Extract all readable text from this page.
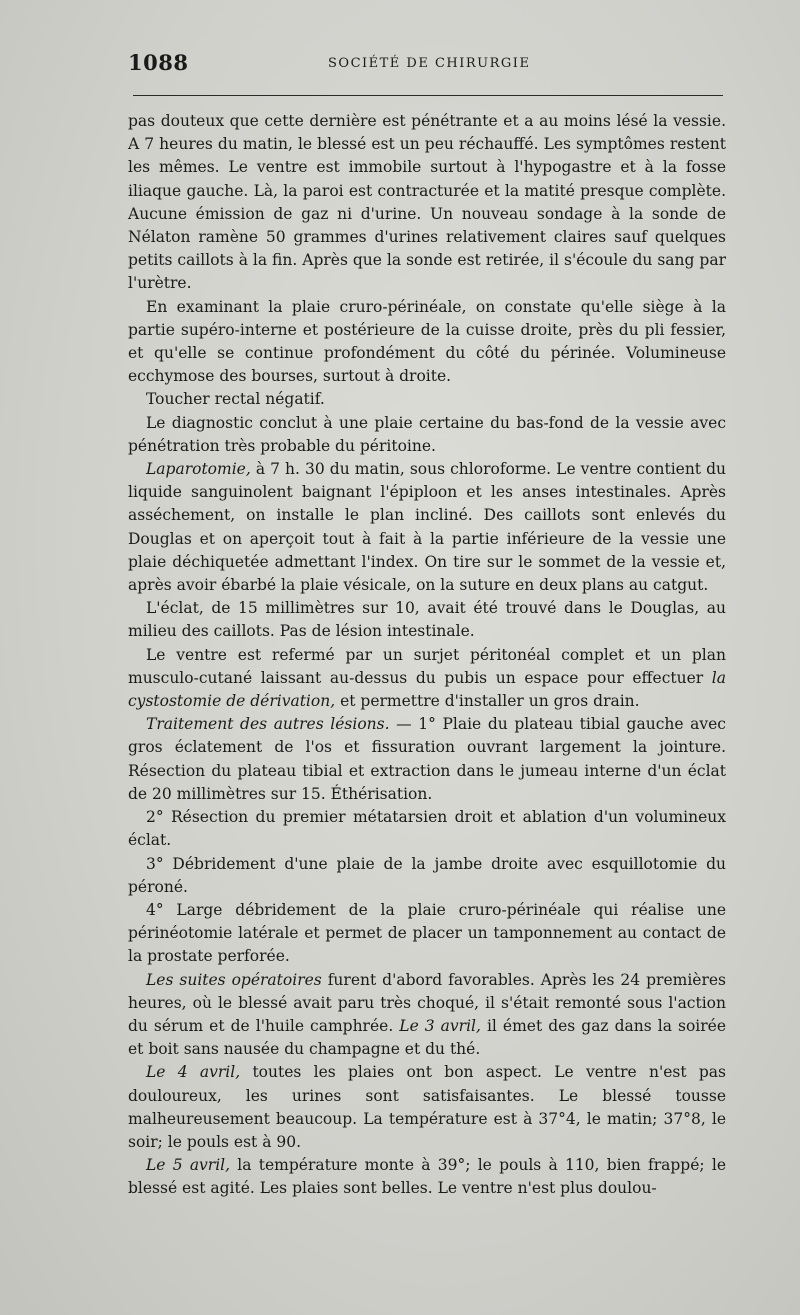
1088	SOCIÉTÉ DE CHIRURGIE

pas douteux que cette dernière est pénétrante et a au moins lésé la vessie. A 7 heures du matin, le blessé est un peu réchauffé. Les symptômes restent les mêmes. Le ventre est immobile surtout à l'hypogastre et à la fosse iliaque gauche. Là, la paroi est contracturée et la matité presque complète. Aucune émission de gaz ni d'urine. Un nouveau sondage à la sonde de Nélaton ramène 50 grammes d'urines relativement claires sauf quelques petits caillots à la fin. Après que la sonde est retirée, il s'écoule du sang par l'urètre.

En examinant la plaie cruro-périnéale, on constate qu'elle siège à la partie supéro-interne et postérieure de la cuisse droite, près du pli fessier, et qu'elle se continue profondément du côté du périnée. Volumineuse ecchymose des bourses, surtout à droite.

Toucher rectal négatif.

Le diagnostic conclut à une plaie certaine du bas-fond de la vessie avec pénétration très probable du péritoine.

Laparotomie, à 7 h. 30 du matin, sous chloroforme. Le ventre contient du liquide sanguinolent baignant l'épiploon et les anses intestinales. Après asséchement, on installe le plan incliné. Des caillots sont enlevés du Douglas et on aperçoit tout à fait à la partie inférieure de la vessie une plaie déchiquetée admettant l'index. On tire sur le sommet de la vessie et, après avoir ébarbé la plaie vésicale, on la suture en deux plans au catgut.

L'éclat, de 15 millimètres sur 10, avait été trouvé dans le Douglas, au milieu des caillots. Pas de lésion intestinale.

Le ventre est refermé par un surjet péritonéal complet et un plan musculo-cutané laissant au-dessus du pubis un espace pour effectuer la cystostomie de dérivation, et permettre d'installer un gros drain.

Traitement des autres lésions. — 1° Plaie du plateau tibial gauche avec gros éclatement de l'os et fissuration ouvrant largement la jointure. Résection du plateau tibial et extraction dans le jumeau interne d'un éclat de 20 millimètres sur 15. Éthérisation.

2° Résection du premier métatarsien droit et ablation d'un volumineux éclat.

3° Débridement d'une plaie de la jambe droite avec esquillotomie du péroné.

4° Large débridement de la plaie cruro-périnéale qui réalise une périnéotomie latérale et permet de placer un tamponnement au contact de la prostate perforée.

Les suites opératoires furent d'abord favorables. Après les 24 premières heures, où le blessé avait paru très choqué, il s'était remonté sous l'action du sérum et de l'huile camphrée. Le 3 avril, il émet des gaz dans la soirée et boit sans nausée du champagne et du thé.

Le 4 avril, toutes les plaies ont bon aspect. Le ventre n'est pas douloureux, les urines sont satisfaisantes. Le blessé tousse malheureusement beaucoup. La température est à 37°4, le matin; 37°8, le soir; le pouls est à 90.

Le 5 avril, la température monte à 39°; le pouls à 110, bien frappé; le blessé est agité. Les plaies sont belles. Le ventre n'est plus doulou-
